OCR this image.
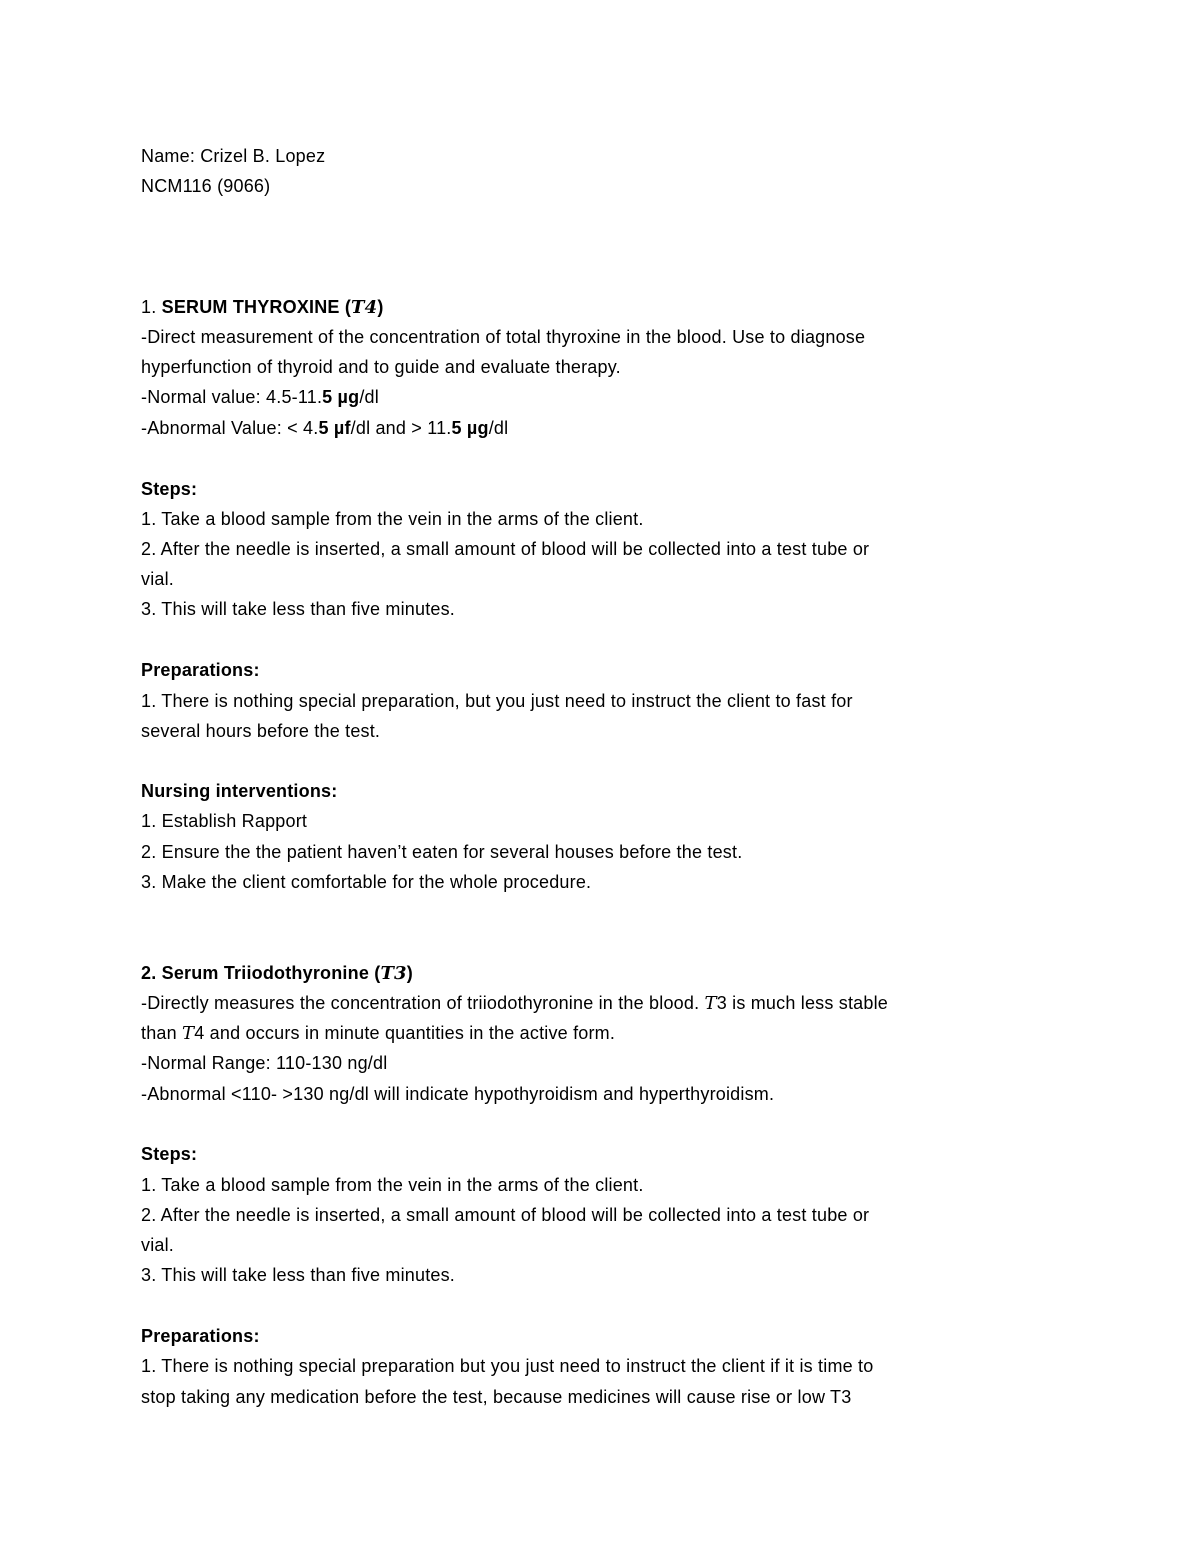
Name: Crizel B. Lopez
NCM116 (9066)
1. SERUM THYROXINE (T4)
-Direct measurement of the concentration of total thyroxine in the blood. Use to diagnose
hyperfunction of thyroid and to guide and evaluate therapy.
-Normal value: 4.5-11.5 µg/dl
-Abnormal Value: < 4.5 µf/dl and > 11.5 µg/dl
Steps:
1. Take a blood sample from the vein in the arms of the client.
2. After the needle is inserted, a small amount of blood will be collected into a test tube or
vial.
3. This will take less than five minutes.
Preparations:
1. There is nothing special preparation, but you just need to instruct the client to fast for
several hours before the test.
Nursing interventions:
1. Establish Rapport
2. Ensure the the patient haven’t eaten for several houses before the test.
3. Make the client comfortable for the whole procedure.
2. Serum Triiodothyronine (T3)
-Directly measures the concentration of triiodothyronine in the blood. T3 is much less stable
than T4 and occurs in minute quantities in the active form.
-Normal Range: 110-130 ng/dl
-Abnormal <110- >130 ng/dl will indicate hypothyroidism and hyperthyroidism.
Steps:
1. Take a blood sample from the vein in the arms of the client.
2. After the needle is inserted, a small amount of blood will be collected into a test tube or
vial.
3. This will take less than five minutes.
Preparations:
1. There is nothing special preparation but you just need to instruct the client if it is time to
stop taking any medication before the test, because medicines will cause rise or low T3
